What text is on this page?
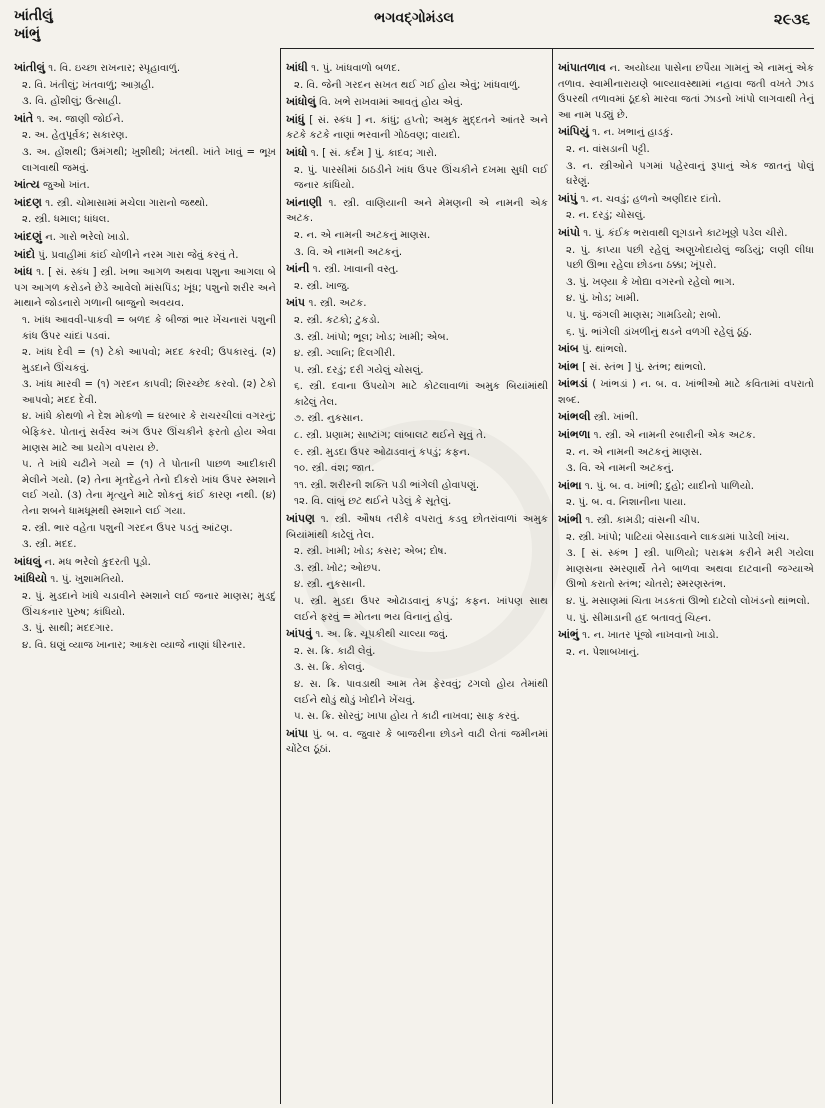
ખાંતીલું
ખાંભું
ભગવદ્ગોમંડલ	૨૯૩૬

ખાંતીલું ૧. વિ. ઇચ્છા રાખનાર; સ્પૃહાવાળું.

૨. વિ. ખંતીલું; ખંતવાળું; આગ્રહી.

૩. વિ. હોંશીલું; ઉત્સાહી.

ખાંતે ૧. અ. જાણી જોઈને.

૨. અ. હેતુપૂર્વક; સકારણ.

૩. અ. હોંશથી; ઉમંગથી; ખુશીથી; ખંતથી. ખાંતે ખાવું = ભૂખ લાગવાથી જમવું.

ખાંત્ય જુઓ ખાંત.

ખાંદણ ૧. સ્ત્રી. ચોમાસામાં મચેલા ગારાનો જથ્થો.

૨. સ્ત્રી. ધમાલ; ધાંધલ.

ખાંદણું ન. ગારો ભરેલો ખાડો.

ખાંદો પું. પ્રવાહીમાં કાંઈ ચોળીને નરમ ગારા જેવું કરવું તે.

ખાંધ ૧. [ સં. સ્કંધ ] સ્ત્રી. ખભા આગળ અથવા પશુના આગલા બે પગ આગળ કરોડને છેડે આવેલો માંસપિંડ; ખૂંધ; પશુનો શરીર અને માથાને જોડનારો ગળાની બાજુનો અવયવ.

૧. ખાંધ આવવી-પાકવી = બળદ કે બીજાં ભાર ખેંચનારાં પશુની કાંધ ઉપર ચાંદાં પડવાં.

૨. ખાંધ દેવી = (૧) ટેકો આપવો; મદદ કરવી; ઉપકારવું. (૨) મુડદાને ઊંચકવું.

૩. ખાંધ મારવી = (૧) ગરદન કાપવી; શિરચ્છેદ કરવો. (૨) ટેકો આપવો; મદદ દેવી.

૪. ખાંધે કોથળો ને દેશ મોકળો = ઘરબાર કે રાચરચીલાં વગરનું; બેફિકર. પોતાનું સર્વસ્વ અંગ ઉપર ઊંચકીને ફરતો હોય એવા માણસ માટે આ પ્રયોગ વપરાય છે.

૫. તે ખાંધે ચઢીને ગયો = (૧) તે પોતાની પાછળ આદીકારી મેલીને ગયો. (૨) તેના મૃતદેહને તેનો દીકરો ખાંધ ઉપર સ્મશાને લઈ ગયો. (૩) તેના મૃત્યુને માટે શોકનું કાંઈ કારણ નથી. (૪) તેના શબને ધામધૂમથી સ્મશાને લઈ ગયા.

૨. સ્ત્રી. ભાર વહેતા પશુની ગરદન ઉપર પડતું આંટણ.

૩. સ્ત્રી. મદદ.

ખાંધલું ન. મધ ભરેલો કુદરતી પૂડો.

ખાંધિયો ૧. પું. ખુશામતિયો.

૨. પું. મુડદાને ખાંધે ચડાવીને સ્મશાને લઈ જનાર માણસ; મુડદું ઊંચકનાર પુરુષ; કાંધિયો.

૩. પું. સાથી; મદદગાર.

૪. વિ. ઘણું વ્યાજ ખાનાર; આકરા વ્યાજે નાણાં ધીરનાર.

ખાંધી ૧. પું. ખાંધવાળો બળદ.

૨. વિ. જેની ગરદન સખત થઈ ગઈ હોય એવું; ખાંધવાળું.

ખાંધોલું વિ. ખભે રાખવામાં આવતું હોય એવું.

ખાંધું [ સં. સ્કંધ ] ન. કાંધું; હપ્તો; અમુક મુદ્દતને આંતરે અને કટકે કટકે નાણાં ભરવાની ગોઠવણ; વાયદો.

ખાંધો ૧. [ સં. કર્દમ ] પું. કાદવ; ગારો.

૨. પું. પારસીમાં ઠાઠડીને ખાંધ ઉપર ઊંચકીને દખમા સુધી લઈ જનાર કાંધિયો.

ખાંનાણી ૧. સ્ત્રી. વાણિયાની અને મેમણની એ નામની એક અટક.

૨. ન. એ નામની અટકનું માણસ.

૩. વિ. એ નામની અટકનું.

ખાંની ૧. સ્ત્રી. ખાવાની વસ્તુ.

૨. સ્ત્રી. ખાજુ.

ખાંપ ૧. સ્ત્રી. અટક.

૨. સ્ત્રી. કટકો; ટુકડો.

૩. સ્ત્રી. ખાંપો; ભૂલ; ખોડ; ખામી; એબ.

૪. સ્ત્રી. ગ્લાનિ; દિલગીરી.

૫. સ્ત્રી. દરડું; દરી ગયેલું ચોસલું.

૬. સ્ત્રી. દવાના ઉપયોગ માટે કોટલાવાળાં અમુક બિયાંમાંથી કાઢેલું તેલ.

૭. સ્ત્રી. નુકસાન.

૮. સ્ત્રી. પ્રણામ; સાષ્ટાંગ; લાંબાલટ થઈને સૂવું તે.

૯. સ્ત્રી. મુડદા ઉપર ઓઢાડવાનું કપડું; કફન.

૧૦. સ્ત્રી. વંશ; જાત.

૧૧. સ્ત્રી. શરીરની શક્તિ પડી ભાંગેલી હોવાપણું.

૧૨. વિ. લાંબું છટ થઈને પડેલું કે સૂતેલું.

ખાંપણ ૧. સ્ત્રી. ઔષધ તરીકે વપરાતું કડવુ છોતરાંવાળાં અમુક બિયાંમાંથી કાઢેલું તેલ.

૨. સ્ત્રી. ખામી; ખોડ; કસર; એબ; દોષ.

૩. સ્ત્રી. ખોટ; ઓછપ.

૪. સ્ત્રી. નુકસાની.

૫. સ્ત્રી. મુડદા ઉપર ઓઢાડવાનું કપડું; કફન. ખાંપણ સાથ લઈને ફરવું = મોતના ભય વિનાનું હોવું.

ખાંપવું ૧. અ. ક્રિ. ચૂપકીથી ચાલ્યા જવું.

૨. સ. ક્રિ. કાઢી લેવું.

૩. સ. ક્રિ. કોલવું.

૪. સ. ક્રિ. પાવડાથી આમ તેમ ફેરવવું; ઢગલો હોય તેમાંથી લઈને થોડું થોડું ખોદીને ખેંચવું.

૫. સ. ક્રિ. સોરવું; ખાપા હોય તે કાઢી નાખવા; સાફ કરવું.

ખાંપા પું. બ. વ. જુવાર કે બાજરીના છોડને વાઢી લેતાં જમીનમાં ચોંટેલ ઠૂંઠાં.

ખાંપાતળાવ ન. અયોધ્યા પાસેના છપૈયા ગામનું એ નામનું એક તળાવ. સ્વામીનારાયણે બાલ્યાવસ્થામાં નહાવા જતી વખતે ઝાડ ઉપરથી તળાવમાં ઠૂદકો મારવા જતાં ઝાડનો ખાંપો લાગવાથી તેનું આ નામ પડ્યું છે.

ખાંપિયું ૧. ન. ખભાનું હાડકું.

૨. ન. વાંસડાની પટ્ટી.

૩. ન. સ્ત્રીઓને પગમાં પહેરવાનું રૂપાનું એક જાતનું પોલું ઘરેણું.

ખાંપું ૧. ન. ચવડું; હળનો અણીદાર દાંતો.

૨. ન. દરડું; ચોસલું.

ખાંપો ૧. પું. કંઈક ભરાવાથી લૂગડાને કાટખૂણે પડેલ ચીરો.

૨. પું. કાપ્યા પછી રહેલું અણુખોદાયેલું જડિયું; લણી લીધા પછી ઊભા રહેલા છોડના ઠક્કા; ખૂંપરો.

૩. પું. ખણ્યા કે ખોદ્યા વગરનો રહેલો ભાગ.

૪. પું. ખોડ; ખામી.

૫. પું. જંગલી માણસ; ગામડિયો; રાબો.

૬. પું. ભાંગેલી ડાંખળીનું થડને વળગી રહેલું ઠૂંઠું.

ખાંબ પું. થાંભલો.

ખાંભ [ સં. સ્તંભ ] પું. સ્તંભ; થાંભલો.

ખાંભડાં ( ખાંભડાં ) ન. બ. વ. ખાંભીઓ માટે કવિતામાં વપરાતો શબ્દ.

ખાંભલી સ્ત્રી. ખાંભી.

ખાંભળા ૧. સ્ત્રી. એ નામની રબારીની એક અટક.

૨. ન. એ નામની અટકનું માણસ.

૩. વિ. એ નામની અટકનું.

ખાંભા ૧. પું. બ. વ. ખાંભી; દુહો; યાદીનો પાળિયો.

૨. પું. બ. વ. નિશાનીના પાયા.

ખાંભી ૧. સ્ત્રી. કામડી; વાંસની ચીપ.

૨. સ્ત્રી. ખાંપો; પાટિયાં બેસાડવાને લાકડામાં પાડેલી ખાંચ.

૩. [ સં. સ્કંભ ] સ્ત્રી. પાળિયો; પરાક્રમ કરીને મરી ગયેલા માણસના સ્મરણાર્થે તેને બાળવા અથવા દાટવાની જગ્યાએ ઊભો કરાતો સ્તંભ; ચોતરો; સ્મરણસ્તંભ.

૪. પું. મસાણમાં ચિતા ખડકતાં ઊભો દાટેલો લોખંડનો થાંભલો.

૫. પું. સીમાડાની હદ બતાવતું ચિહ્ન.

ખાંભું ૧. ન. ખાતર પૂંજો નાખવાનો ખાડો.

૨. ન. પેશાબખાનું.
